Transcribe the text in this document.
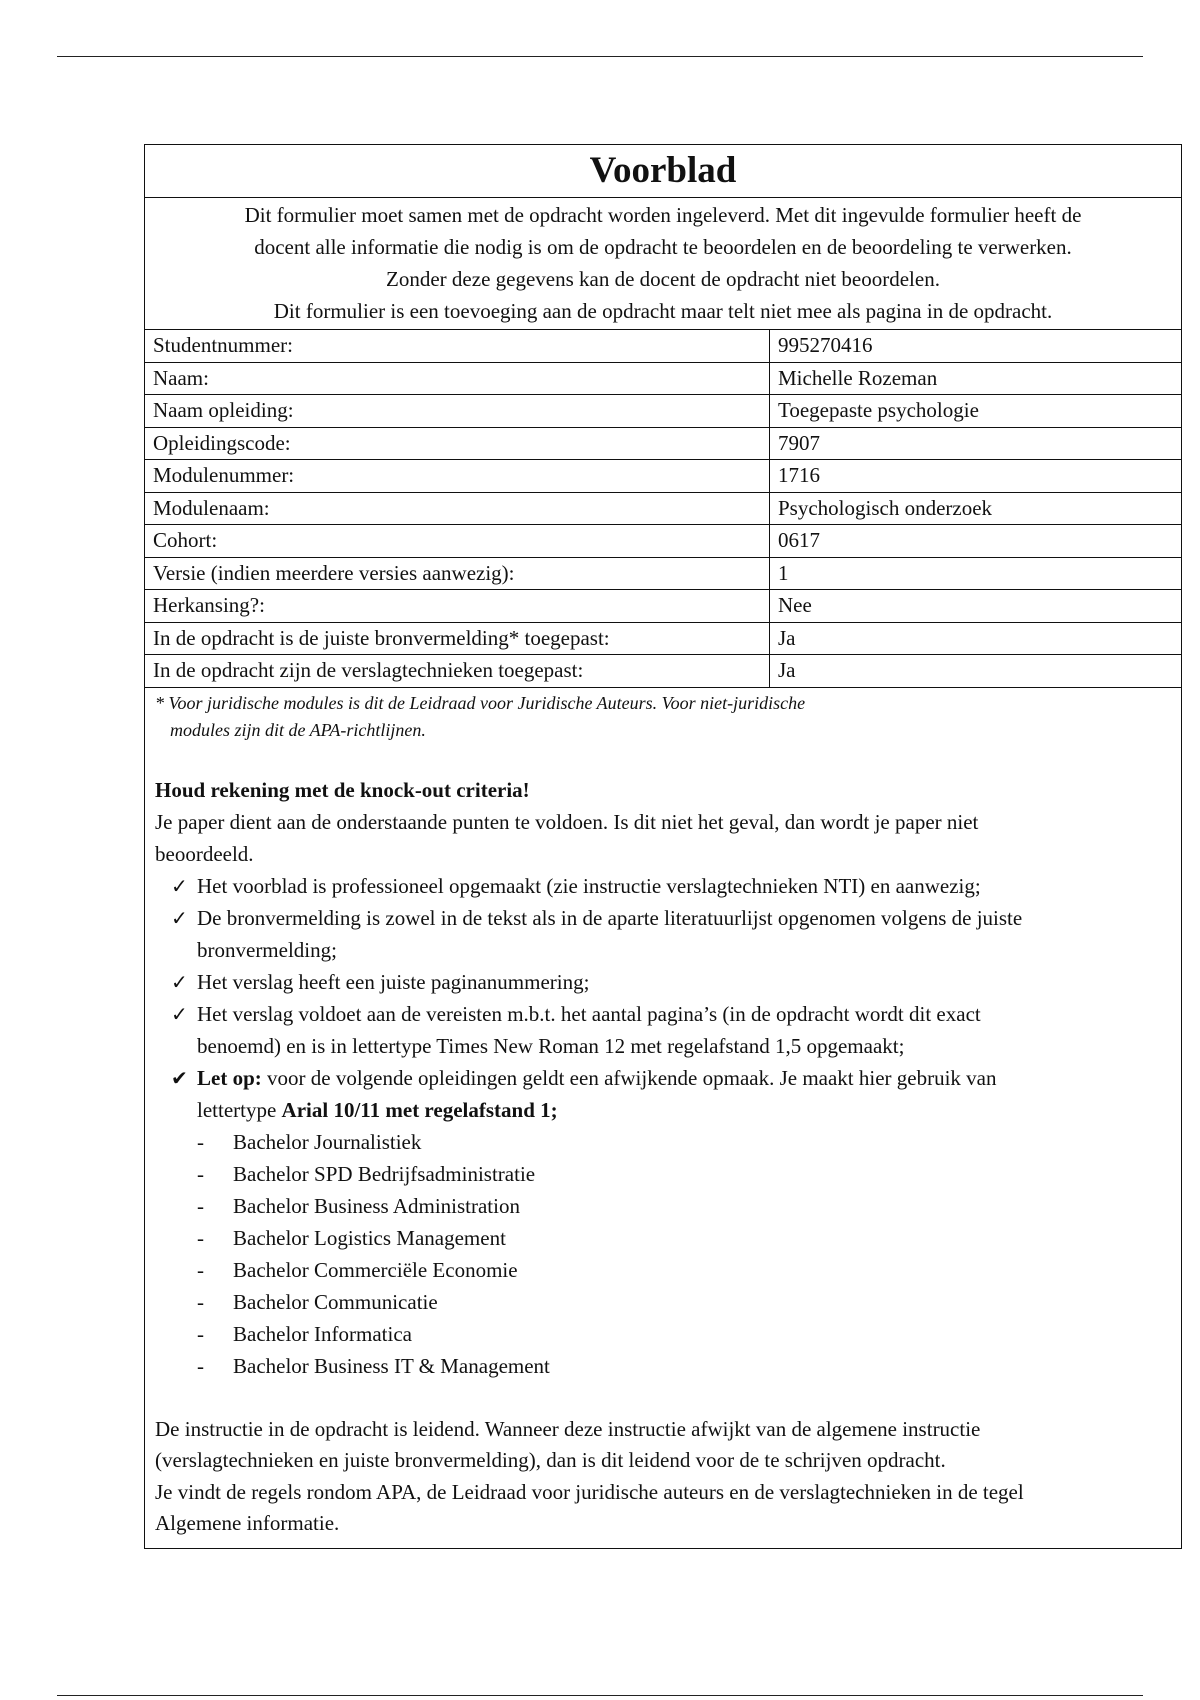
Voorblad
Dit formulier moet samen met de opdracht worden ingeleverd. Met dit ingevulde formulier heeft de
docent alle informatie die nodig is om de opdracht te beoordelen en de beoordeling te verwerken.
Zonder deze gegevens kan de docent de opdracht niet beoordelen.
Dit formulier is een toevoeging aan de opdracht maar telt niet mee als pagina in de opdracht.
Studentnummer:	995270416
Naam:	Michelle Rozeman
Naam opleiding:	Toegepaste psychologie
Opleidingscode:	7907
Modulenummer:	1716
Modulenaam:	Psychologisch onderzoek
Cohort:	0617
Versie (indien meerdere versies aanwezig):	1
Herkansing?:	Nee
In de opdracht is de juiste bronvermelding* toegepast:	Ja
In de opdracht zijn de verslagtechnieken toegepast:	Ja
* Voor juridische modules is dit de Leidraad voor Juridische Auteurs. Voor niet-juridische
modules zijn dit de APA-richtlijnen.
Houd rekening met de knock-out criteria!
Je paper dient aan de onderstaande punten te voldoen. Is dit niet het geval, dan wordt je paper niet
beoordeeld.
✓ Het voorblad is professioneel opgemaakt (zie instructie verslagtechnieken NTI) en aanwezig;
✓ De bronvermelding is zowel in de tekst als in de aparte literatuurlijst opgenomen volgens de juiste
bronvermelding;
✓ Het verslag heeft een juiste paginanummering;
✓ Het verslag voldoet aan de vereisten m.b.t. het aantal pagina’s (in de opdracht wordt dit exact
benoemd) en is in lettertype Times New Roman 12 met regelafstand 1,5 opgemaakt;
✔ Let op: voor de volgende opleidingen geldt een afwijkende opmaak. Je maakt hier gebruik van
lettertype Arial 10/11 met regelafstand 1;
- Bachelor Journalistiek
- Bachelor SPD Bedrijfsadministratie
- Bachelor Business Administration
- Bachelor Logistics Management
- Bachelor Commerciële Economie
- Bachelor Communicatie
- Bachelor Informatica
- Bachelor Business IT & Management
De instructie in de opdracht is leidend. Wanneer deze instructie afwijkt van de algemene instructie
(verslagtechnieken en juiste bronvermelding), dan is dit leidend voor de te schrijven opdracht.
Je vindt de regels rondom APA, de Leidraad voor juridische auteurs en de verslagtechnieken in de tegel
Algemene informatie.
